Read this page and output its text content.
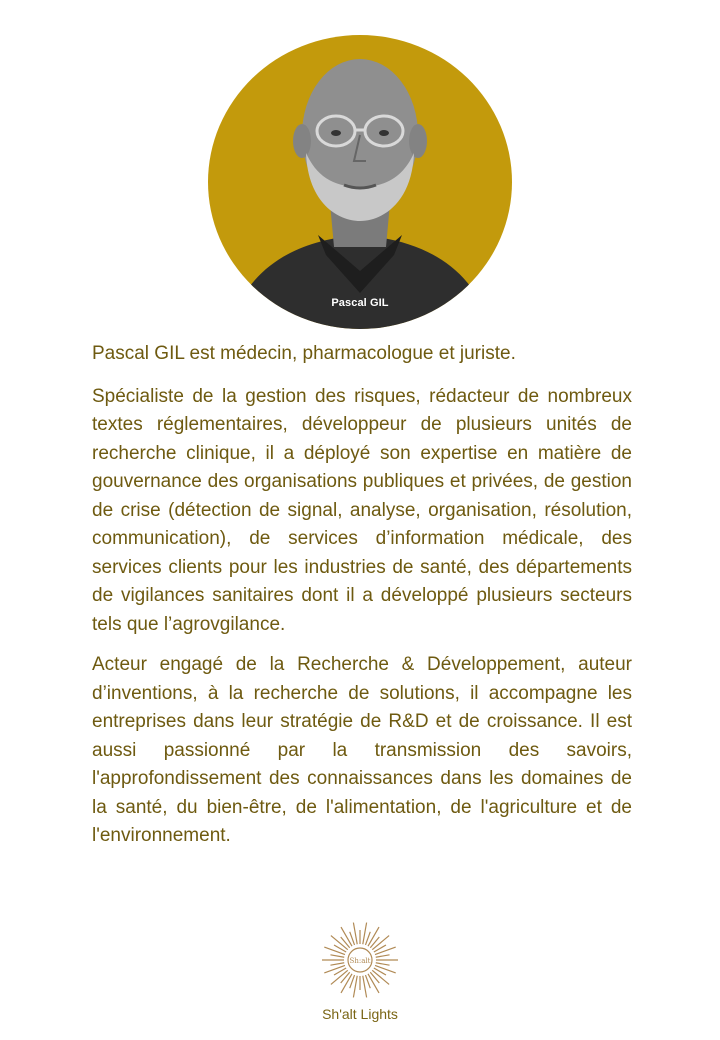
Pascal GIL

Pascal GIL est médecin, pharmacologue et juriste.

Spécialiste de la gestion des risques, rédacteur de nombreux textes réglementaires, développeur de plusieurs unités de recherche clinique, il a déployé son expertise en matière de gouvernance des organisations publiques et privées, de gestion de crise (détection de signal, analyse, organisation, résolution, communication), de services d’information médicale, des services clients pour les industries de santé, des départements de vigilances sanitaires dont il a développé plusieurs secteurs tels que l’agrovgilance.

Acteur engagé de la Recherche & Développement, auteur d’inventions, à la recherche de solutions, il accompagne les entreprises dans leur stratégie de R&D et de croissance. Il est aussi passionné par la transmission des savoirs, l'approfondissement des connaissances dans les domaines de la santé, du bien-être, de l'alimentation, de l'agriculture et de l'environnement.

Sh:alt
Sh'alt Lights
